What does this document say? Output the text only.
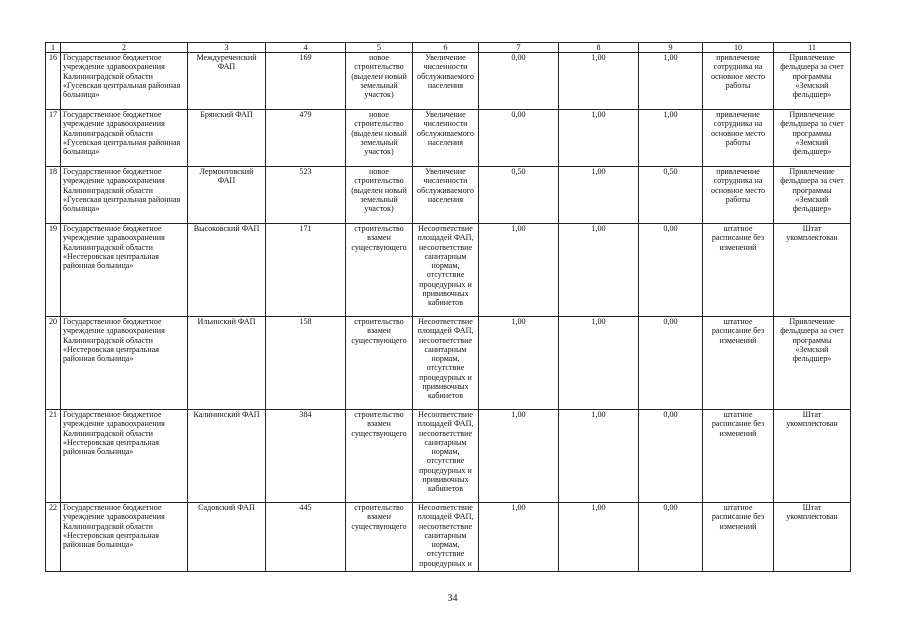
1	2	3	4	5	6	7	8	9	10	11
16	Государственное бюджетное учреждение здравоохранения Калининградской области «Гусевская центральная районная больница»	Междуреченский ФАП	169	новое строительство (выделен новый земельный участок)	Увеличение численности обслуживаемого населения	0,00	1,00	1,00	привлечение сотрудника на основное место работы	Привлечение фельдшера за счет программы «Земский фельдшер»
17	Государственное бюджетное учреждение здравоохранения Калининградской области «Гусевская центральная районная больница»	Брянский ФАП	479	новое строительство (выделен новый земельный участок)	Увеличение численности обслуживаемого населения	0,00	1,00	1,00	привлечение сотрудника на основное место работы	Привлечение фельдшера за счет программы «Земский фельдшер»
18	Государственное бюджетное учреждение здравоохранения Калининградской области «Гусевская центральная районная больница»	Лермонтовский ФАП	523	новое строительство (выделен новый земельный участок)	Увеличение численности обслуживаемого населения	0,50	1,00	0,50	привлечение сотрудника на основное место работы	Привлечение фельдшера за счет программы «Земский фельдшер»
19	Государственное бюджетное учреждение здравоохранения Калининградской области «Нестеровская центральная районная больница»	Высоковский ФАП	171	строительство взамен существующего	Несоответствие площадей ФАП, несоответствие санитарным нормам, отсутствие процедурных и прививочных кабинетов	1,00	1,00	0,00	штатное расписание без изменений	Штат укомплектован
20	Государственное бюджетное учреждение здравоохранения Калининградской области «Нестеровская центральная районная больница»	Ильинский ФАП	158	строительство взамен существующего	Несоответствие площадей ФАП, несоответствие санитарным нормам, отсутствие процедурных и прививочных кабинетов	1,00	1,00	0,00	штатное расписание без изменений	Привлечение фельдшера за счет программы «Земский фельдшер»
21	Государственное бюджетное учреждение здравоохранения Калининградской области «Нестеровская центральная районная больница»	Калининский ФАП	384	строительство взамен существующего	Несоответствие площадей ФАП, несоответствие санитарным нормам, отсутствие процедурных и прививочных кабинетов	1,00	1,00	0,00	штатное расписание без изменений	Штат укомплектован
22	Государственное бюджетное учреждение здравоохранения Калининградской области «Нестеровская центральная районная больница»	Садовский ФАП	445	строительство взамен существующего	Несоответствие площадей ФАП, несоответствие санитарным нормам, отсутствие процедурных и	1,00	1,00	0,00	штатное расписание без изменений	Штат укомплектован
34
